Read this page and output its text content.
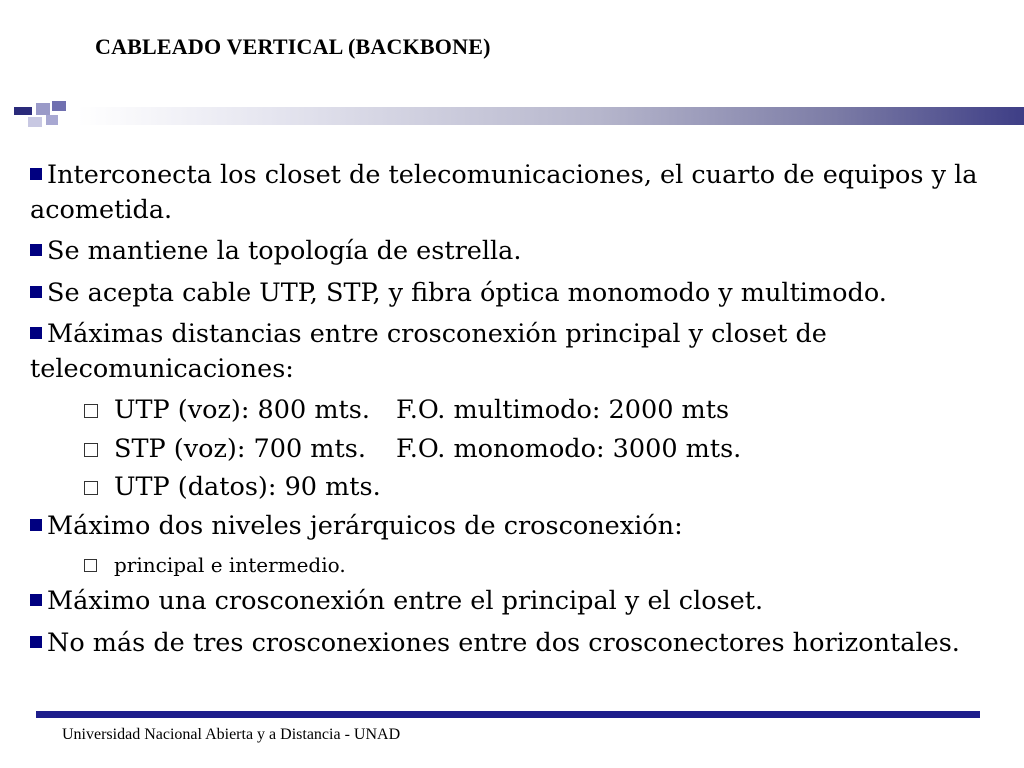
CABLEADO VERTICAL (BACKBONE)

Interconecta los closet de telecomunicaciones, el cuarto de equipos y la acometida.

Se mantiene la topología de estrella.

Se acepta cable UTP, STP, y fibra óptica monomodo y multimodo.

Máximas distancias entre crosconexión principal y closet de telecomunicaciones:

UTP (voz): 800 mts. F.O. multimodo: 2000 mts

STP (voz): 700 mts. F.O. monomodo: 3000 mts.

UTP (datos): 90 mts.

Máximo dos niveles jerárquicos de crosconexión:

principal e intermedio.

Máximo una crosconexión entre el principal y el closet.

No más de tres crosconexiones entre dos crosconectores horizontales.

Universidad Nacional Abierta y a Distancia - UNAD
